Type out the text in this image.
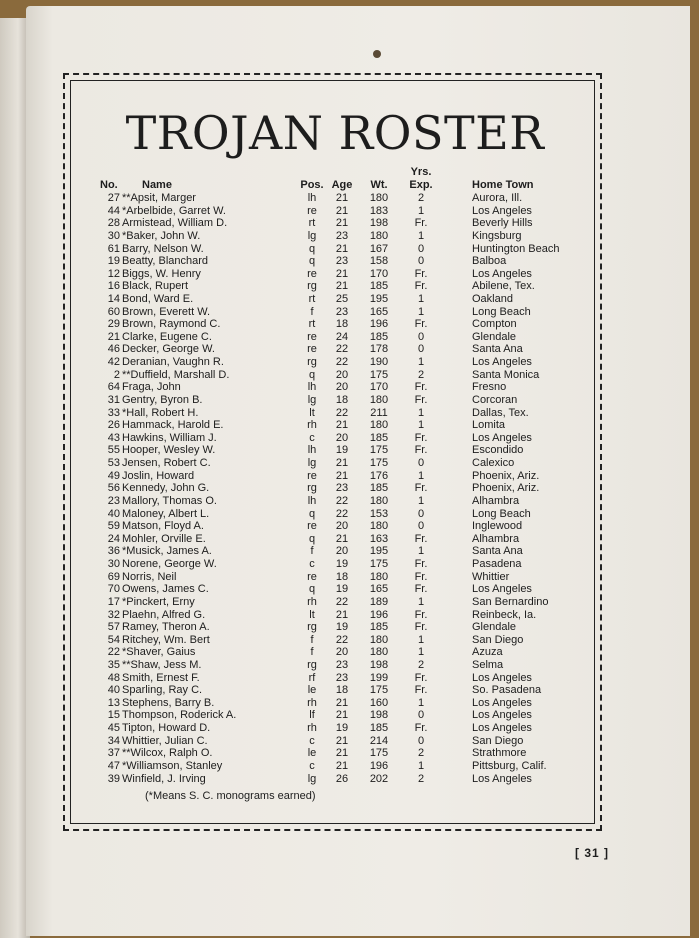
TROJAN ROSTER
Yrs.
No. Name	Pos. Age	Wt.	Exp.	Home Town
27 **Apsit, Marger	lh	21	180	2	Aurora, Ill.
44 *Arbelbide, Garret W.	re	21	183	1	Los Angeles
28 Armistead, William D.	rt	21	198	Fr.	Beverly Hills
30 *Baker, John W.	lg	23	180	1	Kingsburg
61 Barry, Nelson W.	q	21	167	0	Huntington Beach
19 Beatty, Blanchard	q	23	158	0	Balboa
12 Biggs, W. Henry	re	21	170	Fr.	Los Angeles
16 Black, Rupert	rg	21	185	Fr.	Abilene, Tex.
14 Bond, Ward E.	rt	25	195	1	Oakland
60 Brown, Everett W.	f	23	165	1	Long Beach
29 Brown, Raymond C.	rt	18	196	Fr.	Compton
21 Clarke, Eugene C.	re	24	185	0	Glendale
46 Decker, George W.	re	22	178	0	Santa Ana
42 Deranian, Vaughn R.	rg	22	190	1	Los Angeles
2 **Duffield, Marshall D.	q	20	175	2	Santa Monica
64 Fraga, John	lh	20	170	Fr.	Fresno
31 Gentry, Byron B.	lg	18	180	Fr.	Corcoran
33 *Hall, Robert H.	lt	22	211	1	Dallas, Tex.
26 Hammack, Harold E.	rh	21	180	1	Lomita
43 Hawkins, William J.	c	20	185	Fr.	Los Angeles
55 Hooper, Wesley W.	lh	19	175	Fr.	Escondido
53 Jensen, Robert C.	lg	21	175	0	Calexico
49 Joslin, Howard	re	21	176	1	Phoenix, Ariz.
56 Kennedy, John G.	rg	23	185	Fr.	Phoenix, Ariz.
23 Mallory, Thomas O.	lh	22	180	1	Alhambra
40 Maloney, Albert L.	q	22	153	0	Long Beach
59 Matson, Floyd A.	re	20	180	0	Inglewood
24 Mohler, Orville E.	q	21	163	Fr.	Alhambra
36 *Musick, James A.	f	20	195	1	Santa Ana
30 Norene, George W.	c	19	175	Fr.	Pasadena
69 Norris, Neil	re	18	180	Fr.	Whittier
70 Owens, James C.	q	19	165	Fr.	Los Angeles
17 *Pinckert, Erny	rh	22	189	1	San Bernardino
32 Plaehn, Alfred G.	lt	21	196	Fr.	Reinbeck, Ia.
57 Ramey, Theron A.	rg	19	185	Fr.	Glendale
54 Ritchey, Wm. Bert	f	22	180	1	San Diego
22 *Shaver, Gaius	f	20	180	1	Azuza
35 **Shaw, Jess M.	rg	23	198	2	Selma
48 Smith, Ernest F.	rf	23	199	Fr.	Los Angeles
40 Sparling, Ray C.	le	18	175	Fr.	So. Pasadena
13 Stephens, Barry B.	rh	21	160	1	Los Angeles
15 Thompson, Roderick A.	lf	21	198	0	Los Angeles
45 Tipton, Howard D.	rh	19	185	Fr.	Los Angeles
34 Whittier, Julian C.	c	21	214	0	San Diego
37 **Wilcox, Ralph O.	le	21	175	2	Strathmore
47 *Williamson, Stanley	c	21	196	1	Pittsburg, Calif.
39 Winfield, J. Irving	lg	26	202	2	Los Angeles
(*Means S. C. monograms earned)
[ 31 ]
